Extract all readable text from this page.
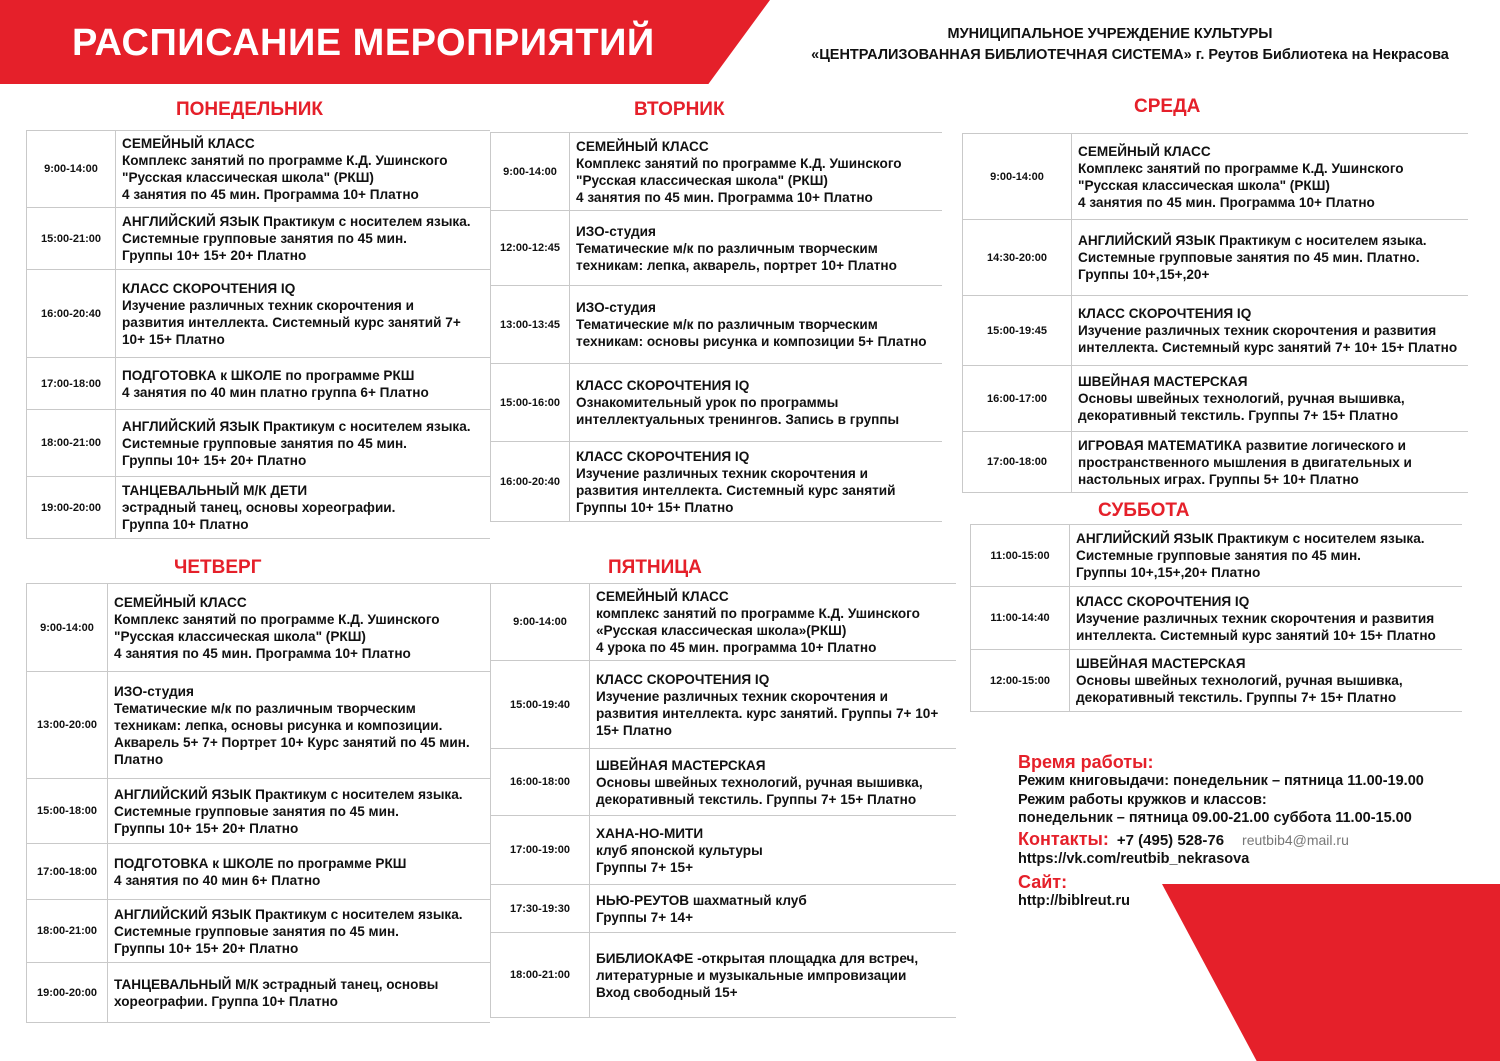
РАСПИСАНИЕ МЕРОПРИЯТИЙ	МУНИЦИПАЛЬНОЕ УЧРЕЖДЕНИЕ КУЛЬТУРЫ
«ЦЕНТРАЛИЗОВАННАЯ БИБЛИОТЕЧНАЯ СИСТЕМА» г. Реутов Библиотека на Некрасова
ПОНЕДЕЛЬНИК
9:00-14:00
СЕМЕЙНЫЙ КЛАСС
Комплекс занятий по программе К.Д. Ушинского
"Русская классическая школа" (РКШ)
4 занятия по 45 мин. Программа 10+ Платно
15:00-21:00
АНГЛИЙСКИЙ ЯЗЫК Практикум с носителем языка.
Системные групповые занятия по 45 мин.
Группы 10+ 15+ 20+ Платно
16:00-20:40
КЛАСС СКОРОЧТЕНИЯ IQ
Изучение различных техник скорочтения и
развития интеллекта. Системный курс занятий 7+
10+ 15+ Платно
17:00-18:00
ПОДГОТОВКА к ШКОЛЕ по программе РКШ
4 занятия по 40 мин платно группа 6+ Платно
18:00-21:00
АНГЛИЙСКИЙ ЯЗЫК Практикум с носителем языка.
Системные групповые занятия по 45 мин.
Группы 10+ 15+ 20+ Платно
19:00-20:00
ТАНЦЕВАЛЬНЫЙ М/К ДЕТИ
эстрадный танец, основы хореографии.
Группа 10+ Платно
ВТОРНИК
9:00-14:00
СЕМЕЙНЫЙ КЛАСС
Комплекс занятий по программе К.Д. Ушинского
"Русская классическая школа" (РКШ)
4 занятия по 45 мин. Программа 10+ Платно
12:00-12:45
ИЗО-студия
Тематические м/к по различным творческим
техникам: лепка, акварель, портрет 10+ Платно
13:00-13:45
ИЗО-студия
Тематические м/к по различным творческим
техникам: основы рисунка и композиции 5+ Платно
15:00-16:00
КЛАСС СКОРОЧТЕНИЯ IQ
Ознакомительный урок по программы
интеллектуальных тренингов. Запись в группы
16:00-20:40
КЛАСС СКОРОЧТЕНИЯ IQ
Изучение различных техник скорочтения и
развития интеллекта. Системный курс занятий
Группы 10+ 15+ Платно
СРЕДА
9:00-14:00
СЕМЕЙНЫЙ КЛАСС
Комплекс занятий по программе К.Д. Ушинского
"Русская классическая школа" (РКШ)
4 занятия по 45 мин. Программа 10+ Платно
14:30-20:00
АНГЛИЙСКИЙ ЯЗЫК Практикум с носителем языка.
Системные групповые занятия по 45 мин. Платно.
Группы 10+,15+,20+
15:00-19:45
КЛАСС СКОРОЧТЕНИЯ IQ
Изучение различных техник скорочтения и развития
интеллекта. Системный курс занятий 7+ 10+ 15+ Платно
16:00-17:00
ШВЕЙНАЯ МАСТЕРСКАЯ
Основы швейных технологий, ручная вышивка,
декоративный текстиль. Группы 7+ 15+ Платно
17:00-18:00
ИГРОВАЯ МАТЕМАТИКА развитие логического и
пространственного мышления в двигательных и
настольных играх. Группы 5+ 10+ Платно
ЧЕТВЕРГ
9:00-14:00
СЕМЕЙНЫЙ КЛАСС
Комплекс занятий по программе К.Д. Ушинского
"Русская классическая школа" (РКШ)
4 занятия по 45 мин. Программа 10+ Платно
13:00-20:00
ИЗО-студия
Тематические м/к по различным творческим
техникам: лепка, основы рисунка и композиции.
Акварель 5+ 7+ Портрет 10+ Курс занятий по 45 мин.
Платно
15:00-18:00
АНГЛИЙСКИЙ ЯЗЫК Практикум с носителем языка.
Системные групповые занятия по 45 мин.
Группы 10+ 15+ 20+ Платно
17:00-18:00
ПОДГОТОВКА к ШКОЛЕ по программе РКШ
4 занятия по 40 мин 6+ Платно
18:00-21:00
АНГЛИЙСКИЙ ЯЗЫК Практикум с носителем языка.
Системные групповые занятия по 45 мин.
Группы 10+ 15+ 20+ Платно
19:00-20:00
ТАНЦЕВАЛЬНЫЙ М/К эстрадный танец, основы
хореографии. Группа 10+ Платно
ПЯТНИЦА
9:00-14:00
СЕМЕЙНЫЙ КЛАСС
комплекс занятий по программе К.Д. Ушинского
«Русская классическая школа»(РКШ)
4 урока по 45 мин. программа 10+ Платно
15:00-19:40
КЛАСС СКОРОЧТЕНИЯ IQ
Изучение различных техник скорочтения и
развития интеллекта. курс занятий. Группы 7+ 10+
15+ Платно
16:00-18:00
ШВЕЙНАЯ МАСТЕРСКАЯ
Основы швейных технологий, ручная вышивка,
декоративный текстиль. Группы 7+ 15+ Платно
17:00-19:00
ХАНА-НО-МИТИ
клуб японской культуры
Группы 7+ 15+
17:30-19:30
НЬЮ-РЕУТОВ шахматный клуб
Группы 7+ 14+
18:00-21:00
БИБЛИОКАФЕ -открытая площадка для встреч,
литературные и музыкальные импровизации
Вход свободный 15+
СУББОТА
11:00-15:00
АНГЛИЙСКИЙ ЯЗЫК Практикум с носителем языка.
Системные групповые занятия по 45 мин.
Группы 10+,15+,20+ Платно
11:00-14:40
КЛАСС СКОРОЧТЕНИЯ IQ
Изучение различных техник скорочтения и развития
интеллекта. Системный курс занятий 10+ 15+ Платно
12:00-15:00
ШВЕЙНАЯ МАСТЕРСКАЯ
Основы швейных технологий, ручная вышивка,
декоративный текстиль. Группы 7+ 15+ Платно
Время работы:
Режим книговыдачи: понедельник – пятница 11.00-19.00
Режим работы кружков и классов:
понедельник – пятница 09.00-21.00 суббота 11.00-15.00
Контакты: +7 (495) 528-76 reutbib4@mail.ru
https://vk.com/reutbib_nekrasova
Сайт:
http://biblreut.ru
